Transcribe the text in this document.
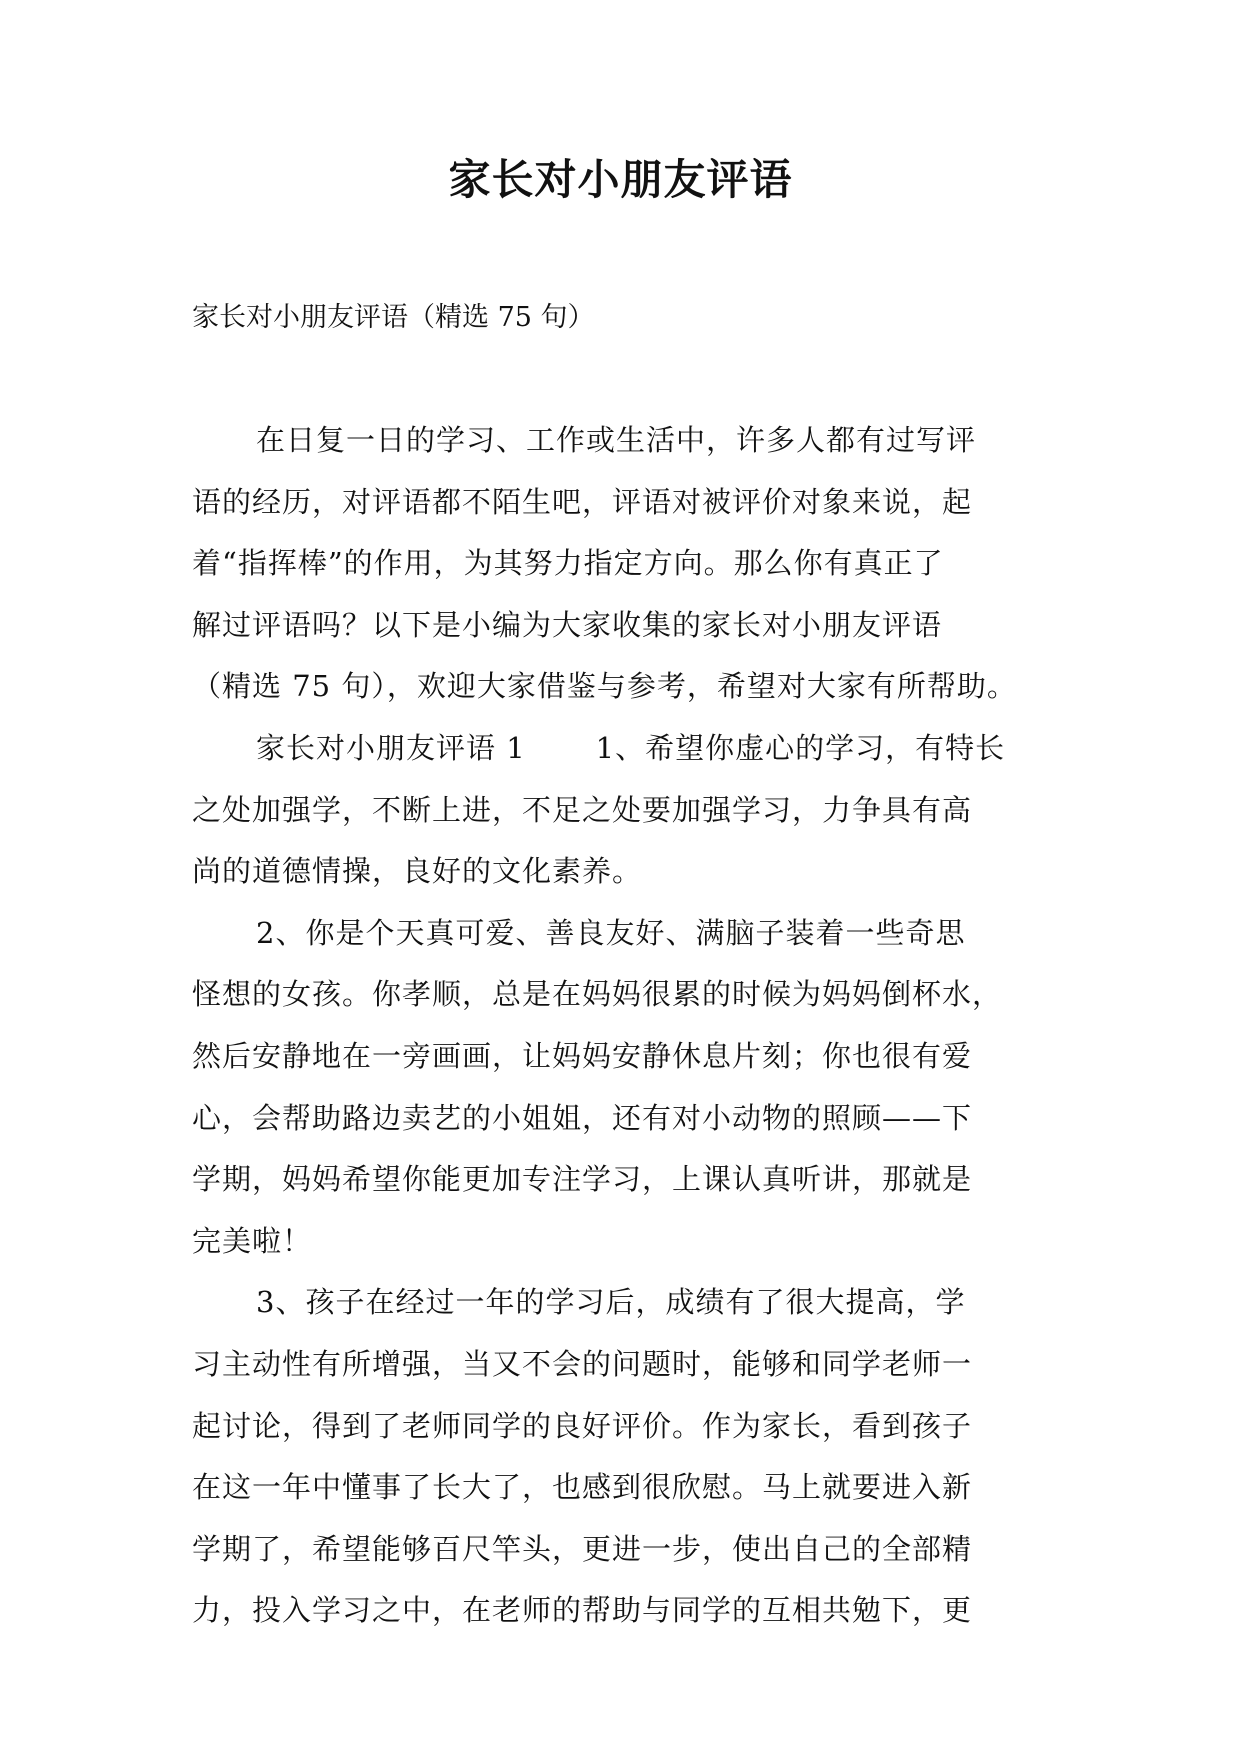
家长对小朋友评语

家长对小朋友评语（精选 75 句）

在日复一日的学习、工作或生活中，许多人都有过写评
语的经历，对评语都不陌生吧，评语对被评价对象来说，起
着“指挥棒”的作用，为其努力指定方向。那么你有真正了
解过评语吗？以下是小编为大家收集的家长对小朋友评语
（精选 75 句），欢迎大家借鉴与参考，希望对大家有所帮助。
家长对小朋友评语 1 1、希望你虚心的学习，有特长
之处加强学，不断上进，不足之处要加强学习，力争具有高
尚的道德情操，良好的文化素养。
2、你是个天真可爱、善良友好、满脑子装着一些奇思
怪想的女孩。你孝顺，总是在妈妈很累的时候为妈妈倒杯水，
然后安静地在一旁画画，让妈妈安静休息片刻；你也很有爱
心，会帮助路边卖艺的小姐姐，还有对小动物的照顾——下
学期，妈妈希望你能更加专注学习，上课认真听讲，那就是
完美啦！
3、孩子在经过一年的学习后，成绩有了很大提高，学
习主动性有所增强，当又不会的问题时，能够和同学老师一
起讨论，得到了老师同学的良好评价。作为家长，看到孩子
在这一年中懂事了长大了，也感到很欣慰。马上就要进入新
学期了，希望能够百尺竿头，更进一步，使出自己的全部精
力，投入学习之中，在老师的帮助与同学的互相共勉下，更
